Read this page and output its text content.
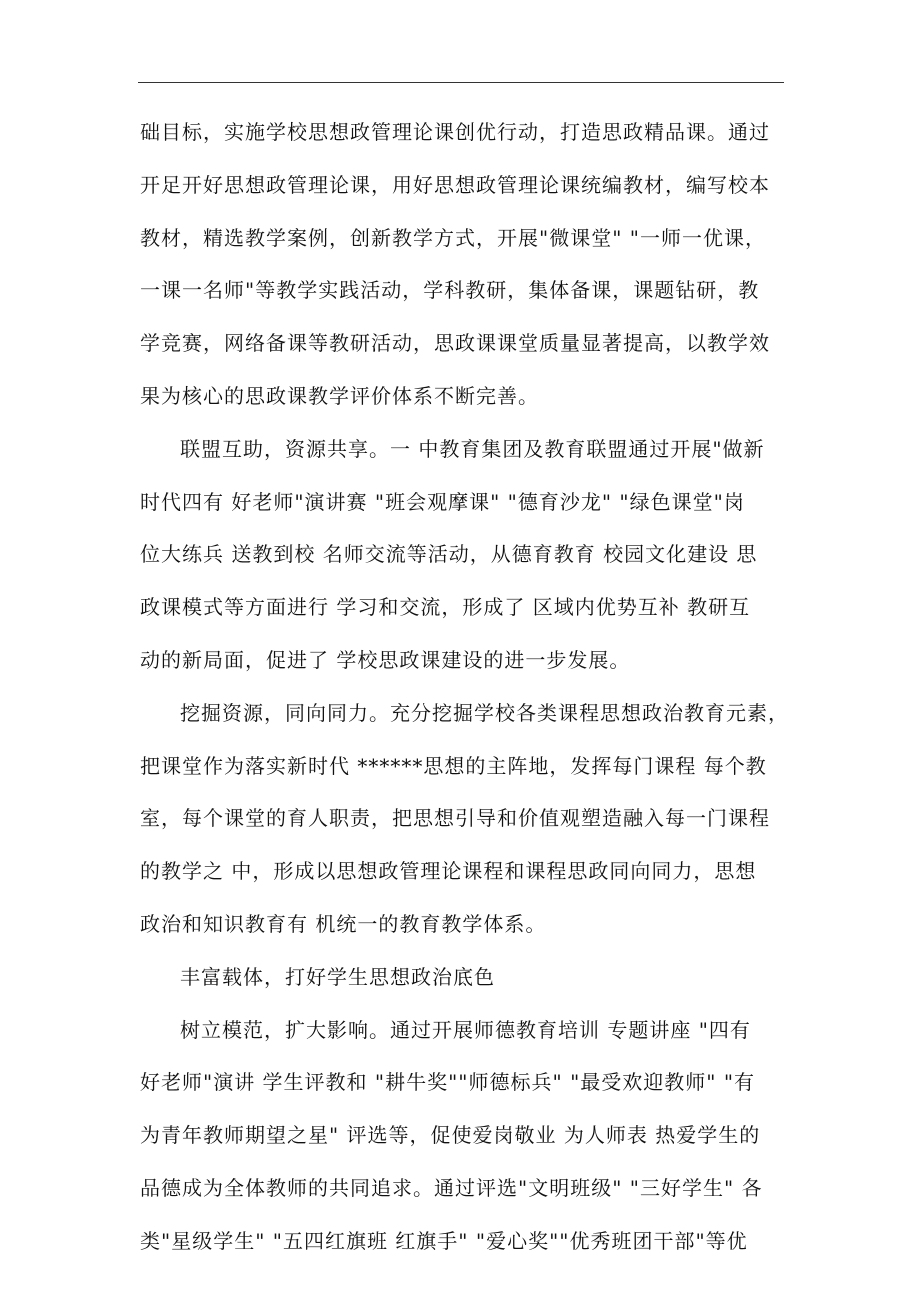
础目标，实施学校思想政管理论课创优行动，打造思政精品课。通过
开足开好思想政管理论课，用好思想政管理论课统编教材，编写校本
教材，精选教学案例，创新教学方式，开展"微课堂" "一师一优课，
一课一名师"等教学实践活动，学科教研，集体备课，课题钻研，教
学竞赛，网络备课等教研活动，思政课课堂质量显著提高，以教学效
果为核心的思政课教学评价体系不断完善。
联盟互助，资源共享。一 中教育集团及教育联盟通过开展"做新
时代四有 好老师"演讲赛 "班会观摩课" "德育沙龙" "绿色课堂"岗
位大练兵 送教到校 名师交流等活动，从德育教育 校园文化建设 思
政课模式等方面进行 学习和交流，形成了 区域内优势互补 教研互
动的新局面，促进了 学校思政课建设的进一步发展。
挖掘资源，同向同力。充分挖掘学校各类课程思想政治教育元素，
把课堂作为落实新时代 ******思想的主阵地，发挥每门课程 每个教
室，每个课堂的育人职责，把思想引导和价值观塑造融入每一门课程
的教学之 中，形成以思想政管理论课程和课程思政同向同力，思想
政治和知识教育有 机统一的教育教学体系。
丰富载体，打好学生思想政治底色
树立模范，扩大影响。通过开展师德教育培训 专题讲座 "四有
好老师"演讲 学生评教和 "耕牛奖""师德标兵" "最受欢迎教师" "有
为青年教师期望之星" 评选等，促使爱岗敬业 为人师表 热爱学生的
品德成为全体教师的共同追求。通过评选"文明班级" "三好学生" 各
类"星级学生" "五四红旗班 红旗手" "爱心奖""优秀班团干部"等优
